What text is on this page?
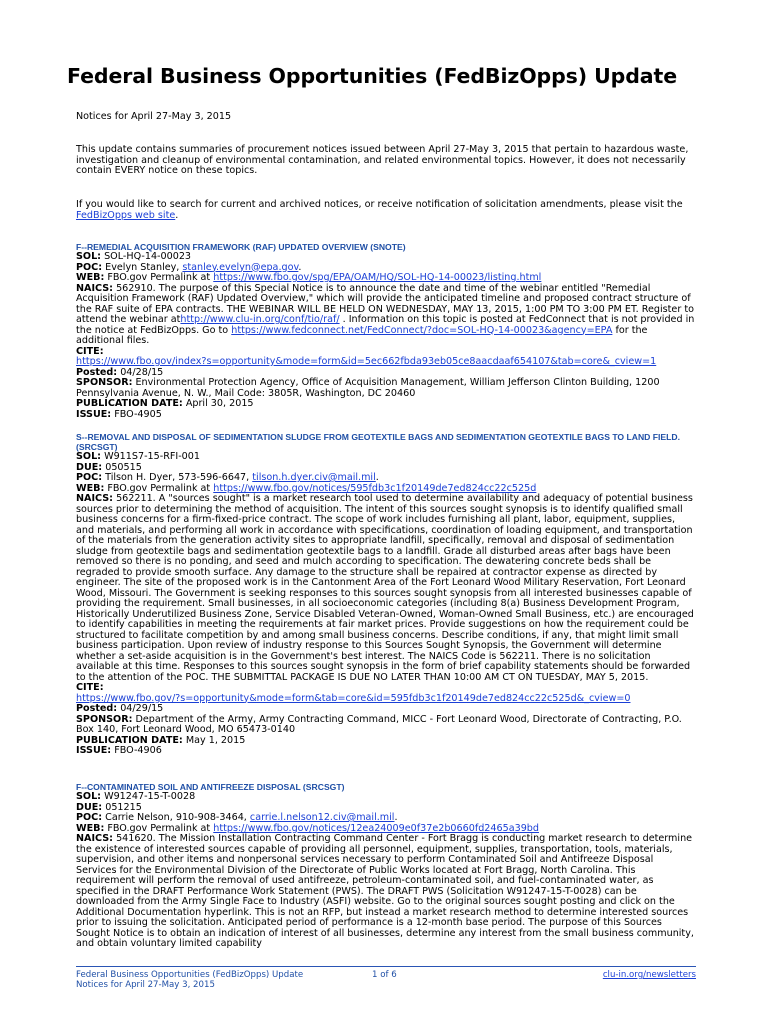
Federal Business Opportunities (FedBizOpps) Update

Notices for April 27-May 3, 2015

This update contains summaries of procurement notices issued between April 27-May 3, 2015 that pertain to hazardous waste, investigation and cleanup of environmental contamination, and related environmental topics. However, it does not necessarily contain EVERY notice on these topics.

If you would like to search for current and archived notices, or receive notification of solicitation amendments, please visit the FedBizOpps web site.

F--REMEDIAL ACQUISITION FRAMEWORK (RAF) UPDATED OVERVIEW (SNOTE)

SOL: SOL-HQ-14-00023

POC: Evelyn Stanley, stanley.evelyn@epa.gov.

WEB: FBO.gov Permalink at https://www.fbo.gov/spg/EPA/OAM/HQ/SOL-HQ-14-00023/listing.html

NAICS: 562910. The purpose of this Special Notice is to announce the date and time of the webinar entitled "Remedial Acquisition Framework (RAF) Updated Overview," which will provide the anticipated timeline and proposed contract structure of the RAF suite of EPA contracts. THE WEBINAR WILL BE HELD ON WEDNESDAY, MAY 13, 2015, 1:00 PM TO 3:00 PM ET. Register to attend the webinar athttp://www.clu-in.org/conf/tio/raf/ . Information on this topic is posted at FedConnect that is not provided in the notice at FedBizOpps. Go to https://www.fedconnect.net/FedConnect/?doc=SOL-HQ-14-00023&agency=EPA for the additional files.

CITE:

https://www.fbo.gov/index?s=opportunity&mode=form&id=5ec662fbda93eb05ce8aacdaaf654107&tab=core&_cview=1

Posted: 04/28/15

SPONSOR: Environmental Protection Agency, Office of Acquisition Management, William Jefferson Clinton Building, 1200 Pennsylvania Avenue, N. W., Mail Code: 3805R, Washington, DC 20460

PUBLICATION DATE: April 30, 2015

ISSUE: FBO-4905

S--REMOVAL AND DISPOSAL OF SEDIMENTATION SLUDGE FROM GEOTEXTILE BAGS AND SEDIMENTATION GEOTEXTILE BAGS TO LAND FIELD. (SRCSGT)

SOL: W911S7-15-RFI-001

DUE: 050515

POC: Tilson H. Dyer, 573-596-6647, tilson.h.dyer.civ@mail.mil.

WEB: FBO.gov Permalink at https://www.fbo.gov/notices/595fdb3c1f20149de7ed824cc22c525d

NAICS: 562211. A "sources sought" is a market research tool used to determine availability and adequacy of potential business sources prior to determining the method of acquisition. The intent of this sources sought synopsis is to identify qualified small business concerns for a firm-fixed-price contract. The scope of work includes furnishing all plant, labor, equipment, supplies, and materials, and performing all work in accordance with specifications, coordination of loading equipment, and transportation of the materials from the generation activity sites to appropriate landfill, specifically, removal and disposal of sedimentation sludge from geotextile bags and sedimentation geotextile bags to a landfill. Grade all disturbed areas after bags have been removed so there is no ponding, and seed and mulch according to specification. The dewatering concrete beds shall be regraded to provide smooth surface. Any damage to the structure shall be repaired at contractor expense as directed by engineer. The site of the proposed work is in the Cantonment Area of the Fort Leonard Wood Military Reservation, Fort Leonard Wood, Missouri. The Government is seeking responses to this sources sought synopsis from all interested businesses capable of providing the requirement. Small businesses, in all socioeconomic categories (including 8(a) Business Development Program, Historically Underutilized Business Zone, Service Disabled Veteran-Owned, Woman-Owned Small Business, etc.) are encouraged to identify capabilities in meeting the requirements at fair market prices. Provide suggestions on how the requirement could be structured to facilitate competition by and among small business concerns. Describe conditions, if any, that might limit small business participation. Upon review of industry response to this Sources Sought Synopsis, the Government will determine whether a set-aside acquisition is in the Government's best interest. The NAICS Code is 562211. There is no solicitation available at this time. Responses to this sources sought synopsis in the form of brief capability statements should be forwarded to the attention of the POC. THE SUBMITTAL PACKAGE IS DUE NO LATER THAN 10:00 AM CT ON TUESDAY, MAY 5, 2015.

CITE:

https://www.fbo.gov/?s=opportunity&mode=form&tab=core&id=595fdb3c1f20149de7ed824cc22c525d&_cview=0

Posted: 04/29/15

SPONSOR: Department of the Army, Army Contracting Command, MICC - Fort Leonard Wood, Directorate of Contracting, P.O. Box 140, Fort Leonard Wood, MO 65473-0140

PUBLICATION DATE: May 1, 2015

ISSUE: FBO-4906

F--CONTAMINATED SOIL AND ANTIFREEZE DISPOSAL (SRCSGT)

SOL: W91247-15-T-0028

DUE: 051215

POC: Carrie Nelson, 910-908-3464, carrie.l.nelson12.civ@mail.mil.

WEB: FBO.gov Permalink at https://www.fbo.gov/notices/12ea24009e0f37e2b0660fd2465a39bd

NAICS: 541620. The Mission Installation Contracting Command Center - Fort Bragg is conducting market research to determine the existence of interested sources capable of providing all personnel, equipment, supplies, transportation, tools, materials, supervision, and other items and nonpersonal services necessary to perform Contaminated Soil and Antifreeze Disposal Services for the Environmental Division of the Directorate of Public Works located at Fort Bragg, North Carolina. This requirement will perform the removal of used antifreeze, petroleum-contaminated soil, and fuel-contaminated water, as specified in the DRAFT Performance Work Statement (PWS). The DRAFT PWS (Solicitation W91247-15-T-0028) can be downloaded from the Army Single Face to Industry (ASFI) website. Go to the original sources sought posting and click on the Additional Documentation hyperlink. This is not an RFP, but instead a market research method to determine interested sources prior to issuing the solicitation. Anticipated period of performance is a 12-month base period. The purpose of this Sources Sought Notice is to obtain an indication of interest of all businesses, determine any interest from the small business community, and obtain voluntary limited capability

Federal Business Opportunities (FedBizOpps) Update
Notices for April 27-May 3, 2015
1 of 6	clu-in.org/newsletters
